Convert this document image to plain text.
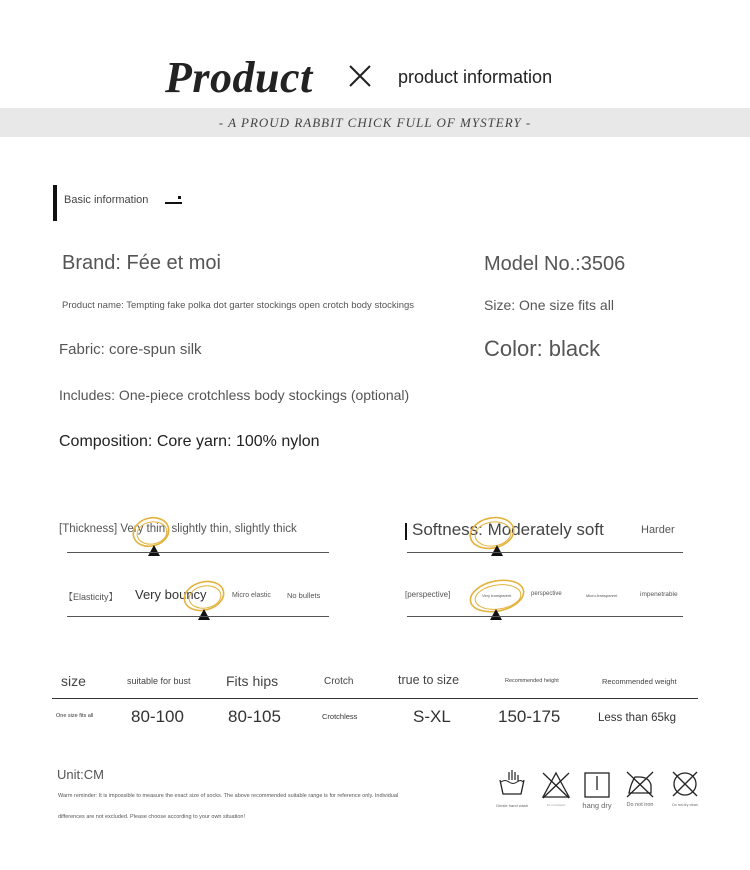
Product	product information
- A PROUD RABBIT CHICK FULL OF MYSTERY -
Basic information
Brand: Fée et moi	Model No.:3506
Product name: Tempting fake polka dot garter stockings open crotch body stockings	Size: One size fits all
Fabric: core-spun silk	Color: black
Includes: One-piece crotchless body stockings (optional)
Composition: Core yarn: 100% nylon
[Thickness] Very thin, slightly thin, slightly thick	Softness: Moderately soft	Harder
【Elasticity】 Very bouncy	Micro elastic No bullets	[perspective]	Very transparent	perspective	Micro-transparent	impenetrable
size	suitable for bust	Fits hips	Crotch	true to size	Recommended height	Recommended weight
One size fits all 80-100	80-105	Crotchless	S-XL	150-175	Less than 65kg
Unit:CM
Warm reminder: It is impossible to measure the exact size of socks. The above recommended suitable range is for reference only. Individual
differences are not excluded. Please choose according to your own situation!
Gentle hand wash	Do not bleach	hang dry	Do not iron	Do not dry clean
